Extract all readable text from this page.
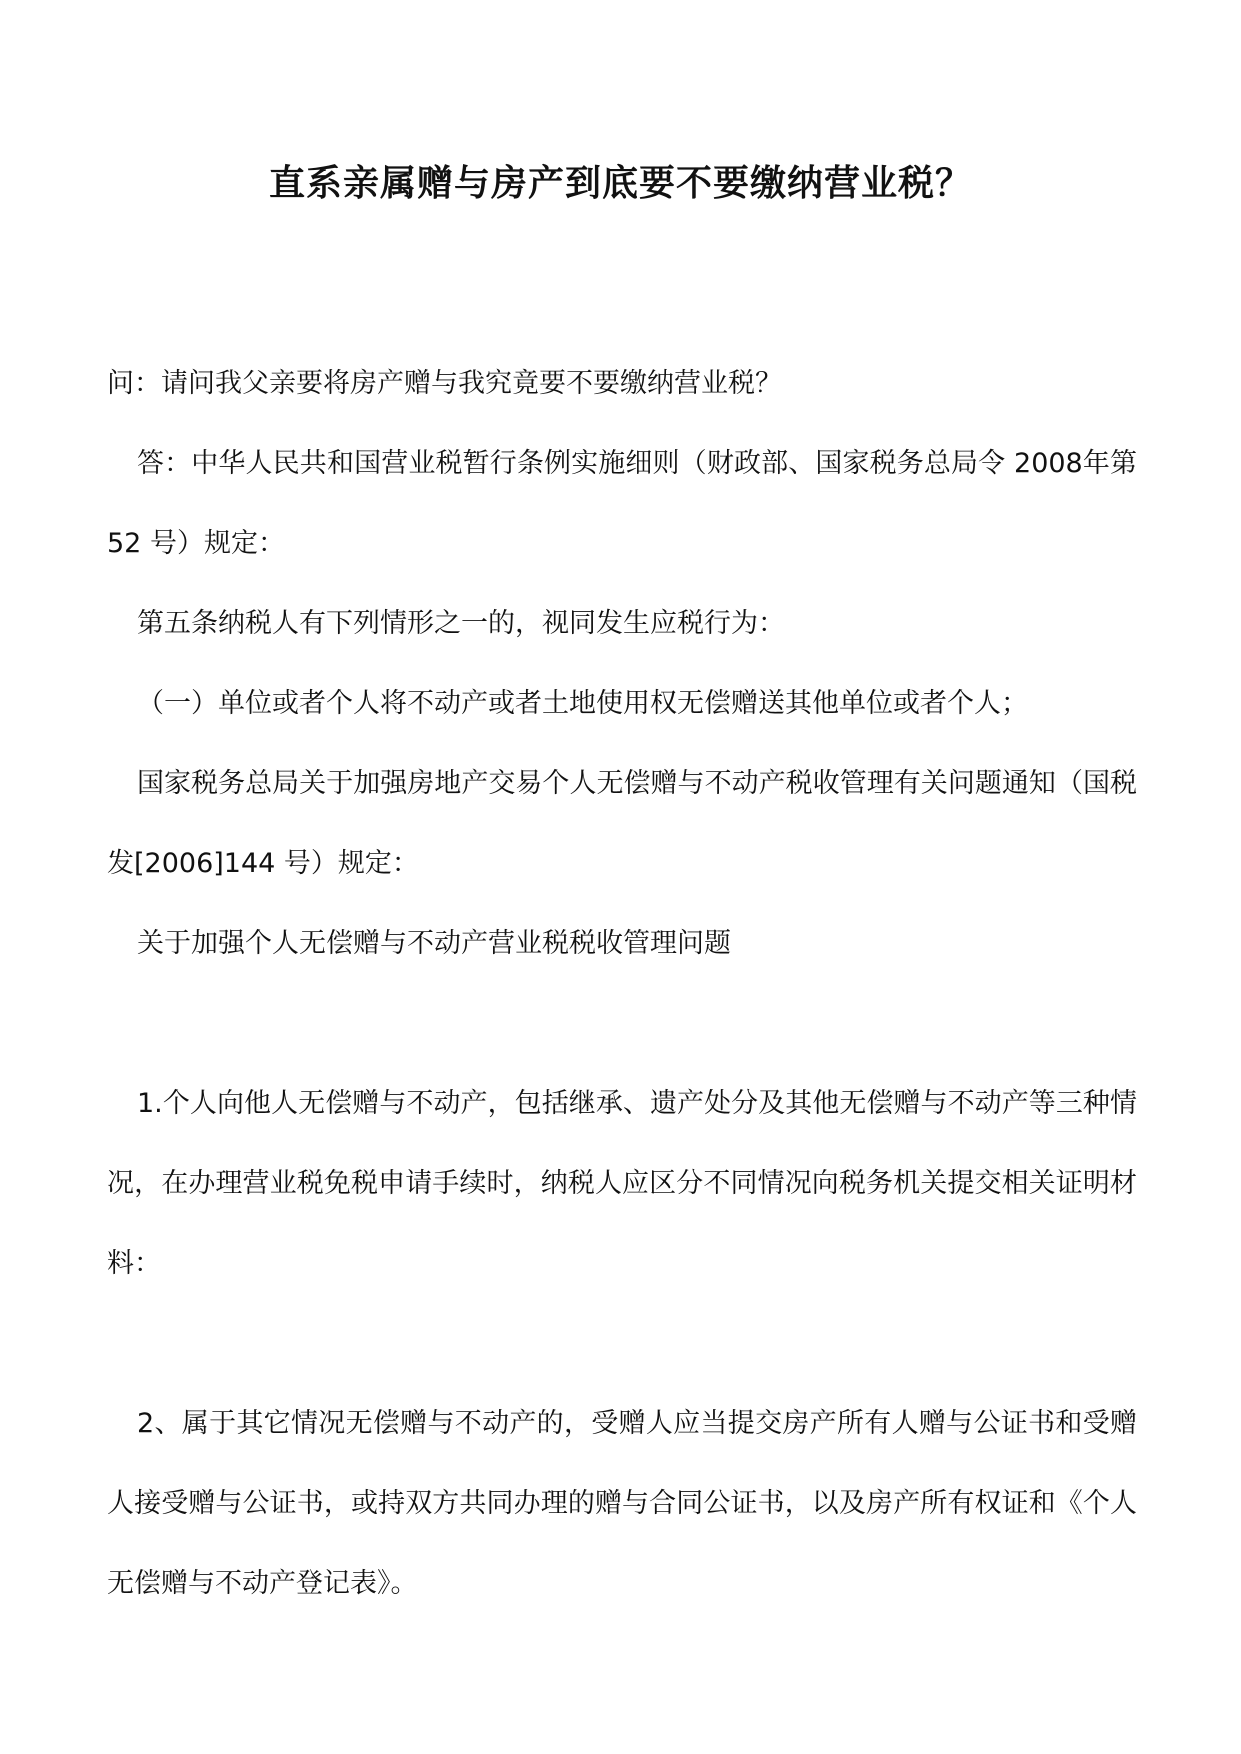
直系亲属赠与房产到底要不要缴纳营业税？

问：请问我父亲要将房产赠与我究竟要不要缴纳营业税？

答：中华人民共和国营业税暂行条例实施细则（财政部、国家税务总局令 2008年第 52 号）规定：

第五条纳税人有下列情形之一的，视同发生应税行为：

（一）单位或者个人将不动产或者土地使用权无偿赠送其他单位或者个人；

国家税务总局关于加强房地产交易个人无偿赠与不动产税收管理有关问题通知（国税发[2006]144 号）规定：

关于加强个人无偿赠与不动产营业税税收管理问题

1.个人向他人无偿赠与不动产，包括继承、遗产处分及其他无偿赠与不动产等三种情况，在办理营业税免税申请手续时，纳税人应区分不同情况向税务机关提交相关证明材料：

2、属于其它情况无偿赠与不动产的，受赠人应当提交房产所有人赠与公证书和受赠人接受赠与公证书，或持双方共同办理的赠与合同公证书，以及房产所有权证和《个人无偿赠与不动产登记表》。
